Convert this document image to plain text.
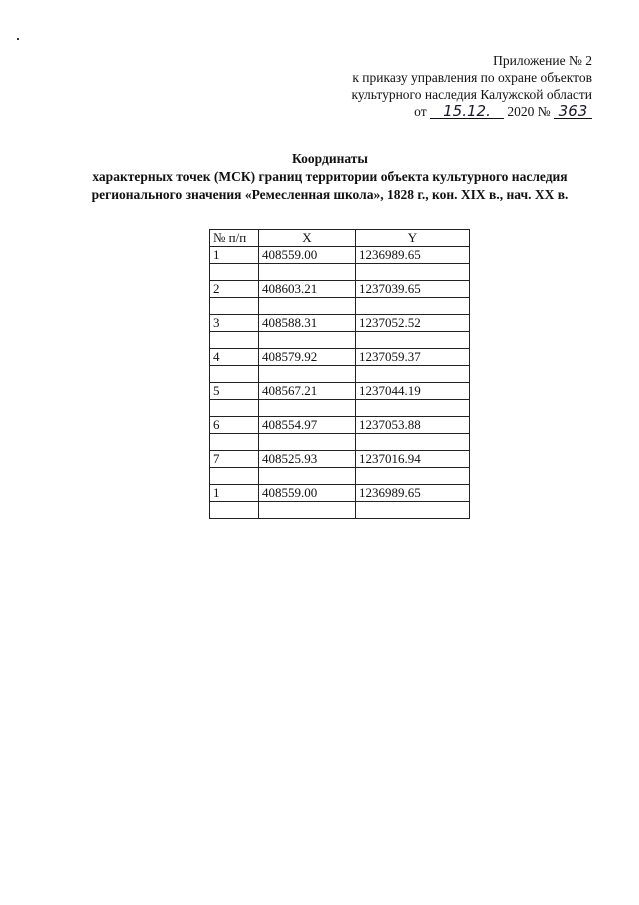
Приложение № 2
к приказу управления по охране объектов
культурного наследия Калужской области
от 15.12. 2020 № 363
Координаты
характерных точек (МСК) границ территории объекта культурного наследия
регионального значения «Ремесленная школа», 1828 г., кон. XIX в., нач. XX в.
№ п/п	X	Y
1	408559.00	1236989.65

2	408603.21	1237039.65

3	408588.31	1237052.52

4	408579.92	1237059.37

5	408567.21	1237044.19

6	408554.97	1237053.88

7	408525.93	1237016.94

1	408559.00	1236989.65
